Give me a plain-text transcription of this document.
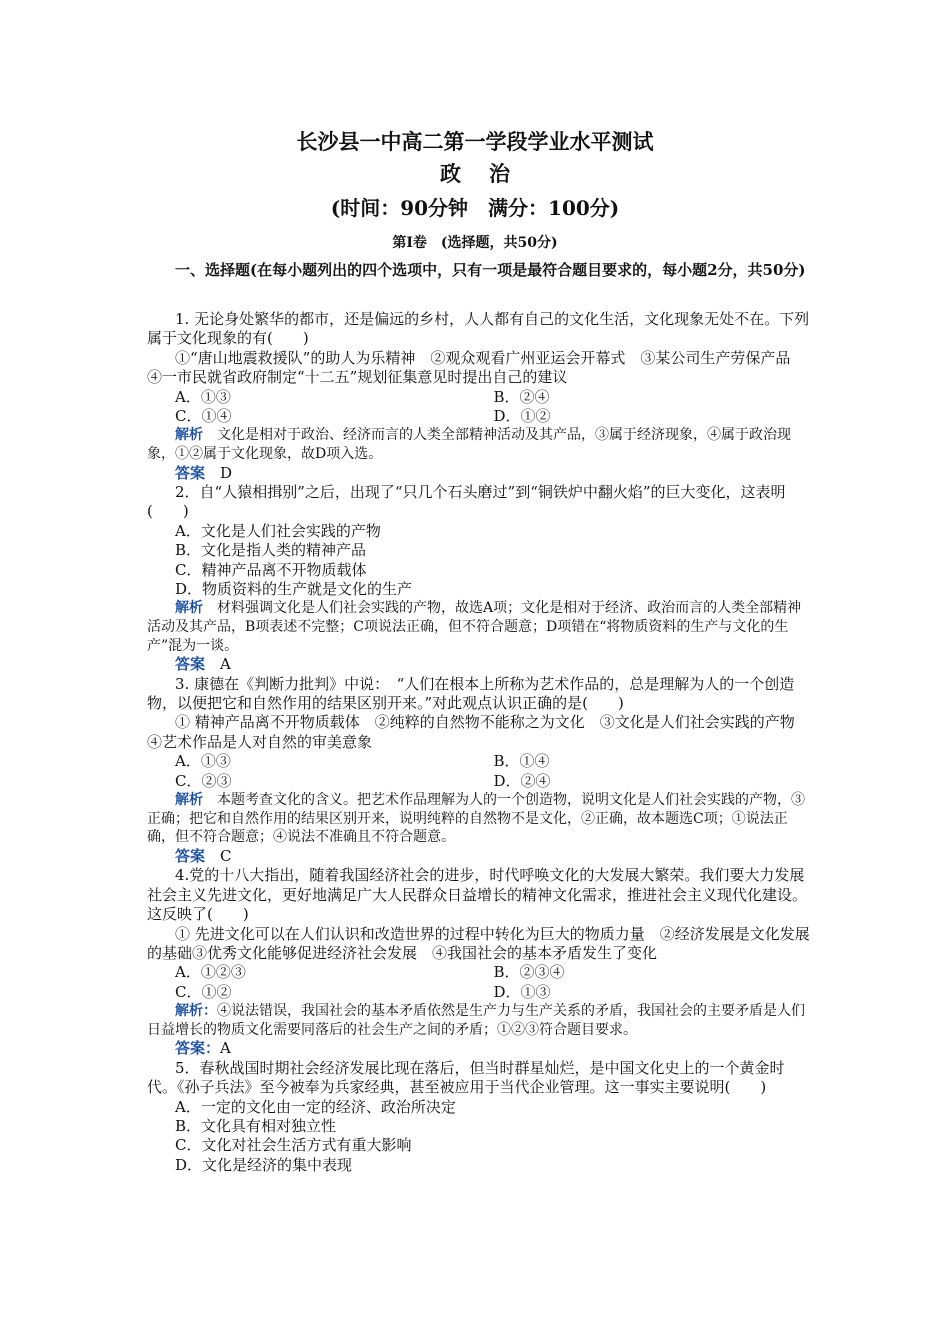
长沙县一中高二第一学段学业水平测试
政治
(时间：90分钟　满分：100分)
第Ⅰ卷　(选择题，共50分)
一、选择题(在每小题列出的四个选项中，只有一项是最符合题目要求的，每小题2分，共50分)

1. 无论身处繁华的都市，还是偏远的乡村，人人都有自己的文化生活，文化现象无处不在。下列属于文化现象的有(　　)

①“唐山地震救援队”的助人为乐精神　②观众观看广州亚运会开幕式　③某公司生产劳保产品　④一市民就省政府制定“十二五”规划征集意见时提出自己的建议

A．①③	B．②④
C．①④	D．①②

解析　 文化是相对于政治、经济而言的人类全部精神活动及其产品，③属于经济现象，④属于政治现象，①②属于文化现象，故D项入选。

答案　 D

2．自“人猿相揖别”之后，出现了“只几个石头磨过”到“铜铁炉中翻火焰”的巨大变化，这表明(　　)

A．文化是人们社会实践的产物

B．文化是指人类的精神产品

C．精神产品离不开物质载体

D．物质资料的生产就是文化的生产

解析　 材料强调文化是人们社会实践的产物，故选A项；文化是相对于经济、政治而言的人类全部精神活动及其产品，B项表述不完整；C项说法正确，但不符合题意；D项错在“将物质资料的生产与文化的生产”混为一谈。

答案　 A

3. 康德在《判断力批判》中说：　“人们在根本上所称为艺术作品的，总是理解为人的一个创造物，以便把它和自然作用的结果区别开来。”对此观点认识正确的是(　　)

① 精神产品离不开物质载体　②纯粹的自然物不能称之为文化　③文化是人们社会实践的产物　④艺术作品是人对自然的审美意象

A．①③	B．①④
C．②③	D．②④

解析　 本题考查文化的含义。把艺术作品理解为人的一个创造物，说明文化是人们社会实践的产物，③正确；把它和自然作用的结果区别开来，说明纯粹的自然物不是文化，②正确，故本题选C项；①说法正确，但不符合题意；④说法不准确且不符合题意。

答案　 C

4.党的十八大指出，随着我国经济社会的进步，时代呼唤文化的大发展大繁荣。我们要大力发展社会主义先进文化，更好地满足广大人民群众日益增长的精神文化需求，推进社会主义现代化建设。这反映了(　　)

① 先进文化可以在人们认识和改造世界的过程中转化为巨大的物质力量　②经济发展是文化发展的基础③优秀文化能够促进经济社会发展　④我国社会的基本矛盾发生了变化

A．①②③	B．②③④
C．①②	D．①③

解析：④说法错误，我国社会的基本矛盾依然是生产力与生产关系的矛盾，我国社会的主要矛盾是人们日益增长的物质文化需要同落后的社会生产之间的矛盾；①②③符合题目要求。

答案：A

5．春秋战国时期社会经济发展比现在落后，但当时群星灿烂，是中国文化史上的一个黄金时代。《孙子兵法》至今被奉为兵家经典，甚至被应用于当代企业管理。这一事实主要说明(　　)

A．一定的文化由一定的经济、政治所决定

B．文化具有相对独立性

C．文化对社会生活方式有重大影响

D．文化是经济的集中表现
